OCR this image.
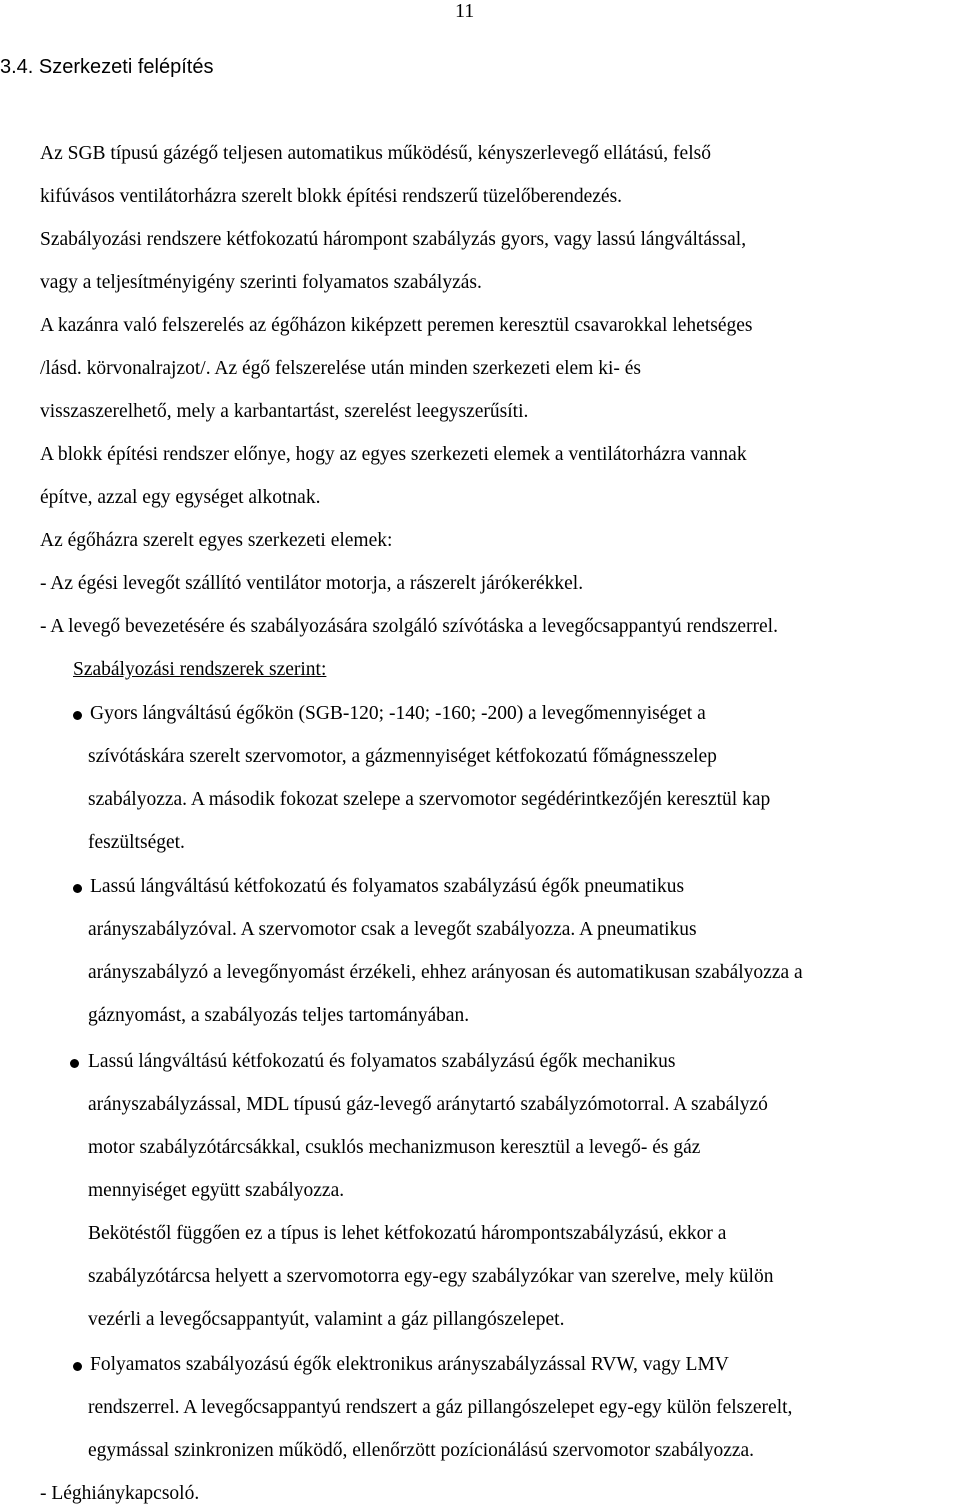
11
3.4. Szerkezeti felépítés
Az SGB típusú gázégő teljesen automatikus működésű, kényszerlevegő ellátású, felső
kifúvásos ventilátorházra szerelt blokk építési rendszerű tüzelőberendezés.
Szabályozási rendszere kétfokozatú hárompont szabályzás gyors, vagy lassú lángváltással,
vagy a teljesítményigény szerinti folyamatos szabályzás.
A kazánra való felszerelés az égőházon kiképzett peremen keresztül csavarokkal lehetséges
/lásd. körvonalrajzot/. Az égő felszerelése után minden szerkezeti elem ki- és
visszaszerelhető, mely a karbantartást, szerelést leegyszerűsíti.
A blokk építési rendszer előnye, hogy az egyes szerkezeti elemek a ventilátorházra vannak
építve, azzal egy egységet alkotnak.
Az égőházra szerelt egyes szerkezeti elemek:
- Az égési levegőt szállító ventilátor motorja, a rászerelt járókerékkel.
- A levegő bevezetésére és szabályozására szolgáló szívótáska a levegőcsappantyú rendszerrel.
Szabályozási rendszerek szerint:
Gyors lángváltású égőkön (SGB-120; -140; -160; -200) a levegőmennyiséget a
szívótáskára szerelt szervomotor, a gázmennyiséget kétfokozatú főmágnesszelep
szabályozza. A második fokozat szelepe a szervomotor segédérintkezőjén keresztül kap
feszültséget.
Lassú lángváltású kétfokozatú és folyamatos szabályzású égők pneumatikus
arányszabályzóval. A szervomotor csak a levegőt szabályozza. A pneumatikus
arányszabályzó a levegőnyomást érzékeli, ehhez arányosan és automatikusan szabályozza a
gáznyomást, a szabályozás teljes tartományában.
Lassú lángváltású kétfokozatú és folyamatos szabályzású égők mechanikus
arányszabályzással, MDL típusú gáz-levegő aránytartó szabályzómotorral. A szabályzó
motor szabályzótárcsákkal, csuklós mechanizmuson keresztül a levegő- és gáz
mennyiséget együtt szabályozza.
Bekötéstől függően ez a típus is lehet kétfokozatú hárompontszabályzású, ekkor a
szabályzótárcsa helyett a szervomotorra egy-egy szabályzókar van szerelve, mely külön
vezérli a levegőcsappantyút, valamint a gáz pillangószelepet.
Folyamatos szabályozású égők elektronikus arányszabályzással RVW, vagy LMV
rendszerrel. A levegőcsappantyú rendszert a gáz pillangószelepet egy-egy külön felszerelt,
egymással szinkronizen működő, ellenőrzött pozícionálású szervomotor szabályozza.
- Léghiánykapcsoló.
